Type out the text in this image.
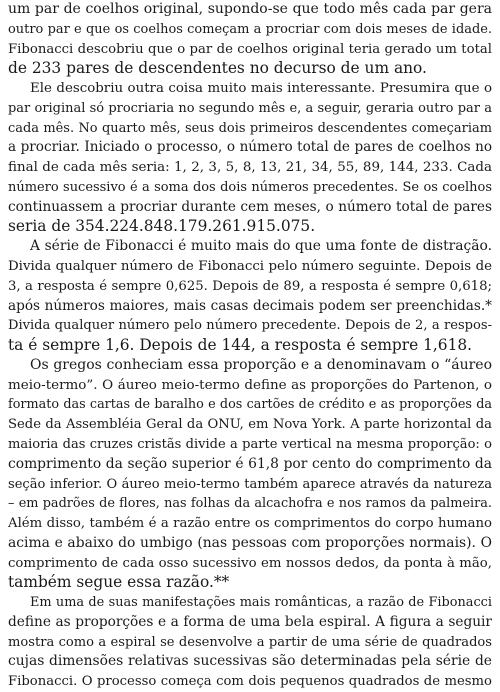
um par de coelhos original, supondo-se que todo mês cada par gera
outro par e que os coelhos começam a procriar com dois meses de idade.
Fibonacci descobriu que o par de coelhos original teria gerado um total
de 233 pares de descendentes no decurso de um ano.
Ele descobriu outra coisa muito mais interessante. Presumira que o
par original só procriaria no segundo mês e, a seguir, geraria outro par a
cada mês. No quarto mês, seus dois primeiros descendentes começariam
a procriar. Iniciado o processo, o número total de pares de coelhos no
final de cada mês seria: 1, 2, 3, 5, 8, 13, 21, 34, 55, 89, 144, 233. Cada
número sucessivo é a soma dos dois números precedentes. Se os coelhos
continuassem a procriar durante cem meses, o número total de pares
seria de 354.224.848.179.261.915.075.
A série de Fibonacci é muito mais do que uma fonte de distração.
Divida qualquer número de Fibonacci pelo número seguinte. Depois de
3, a resposta é sempre 0,625. Depois de 89, a resposta é sempre 0,618;
após números maiores, mais casas decimais podem ser preenchidas.*
Divida qualquer número pelo número precedente. Depois de 2, a respos-
ta é sempre 1,6. Depois de 144, a resposta é sempre 1,618.
Os gregos conheciam essa proporção e a denominavam o “áureo
meio-termo”. O áureo meio-termo define as proporções do Partenon, o
formato das cartas de baralho e dos cartões de crédito e as proporções da
Sede da Assembléia Geral da ONU, em Nova York. A parte horizontal da
maioria das cruzes cristãs divide a parte vertical na mesma proporção: o
comprimento da seção superior é 61,8 por cento do comprimento da
seção inferior. O áureo meio-termo também aparece através da natureza
– em padrões de flores, nas folhas da alcachofra e nos ramos da palmeira.
Além disso, também é a razão entre os comprimentos do corpo humano
acima e abaixo do umbigo (nas pessoas com proporções normais). O
comprimento de cada osso sucessivo em nossos dedos, da ponta à mão,
também segue essa razão.**
Em uma de suas manifestações mais românticas, a razão de Fibonacci
define as proporções e a forma de uma bela espiral. A figura a seguir
mostra como a espiral se desenvolve a partir de uma série de quadrados
cujas dimensões relativas sucessivas são determinadas pela série de
Fibonacci. O processo começa com dois pequenos quadrados de mesmo
